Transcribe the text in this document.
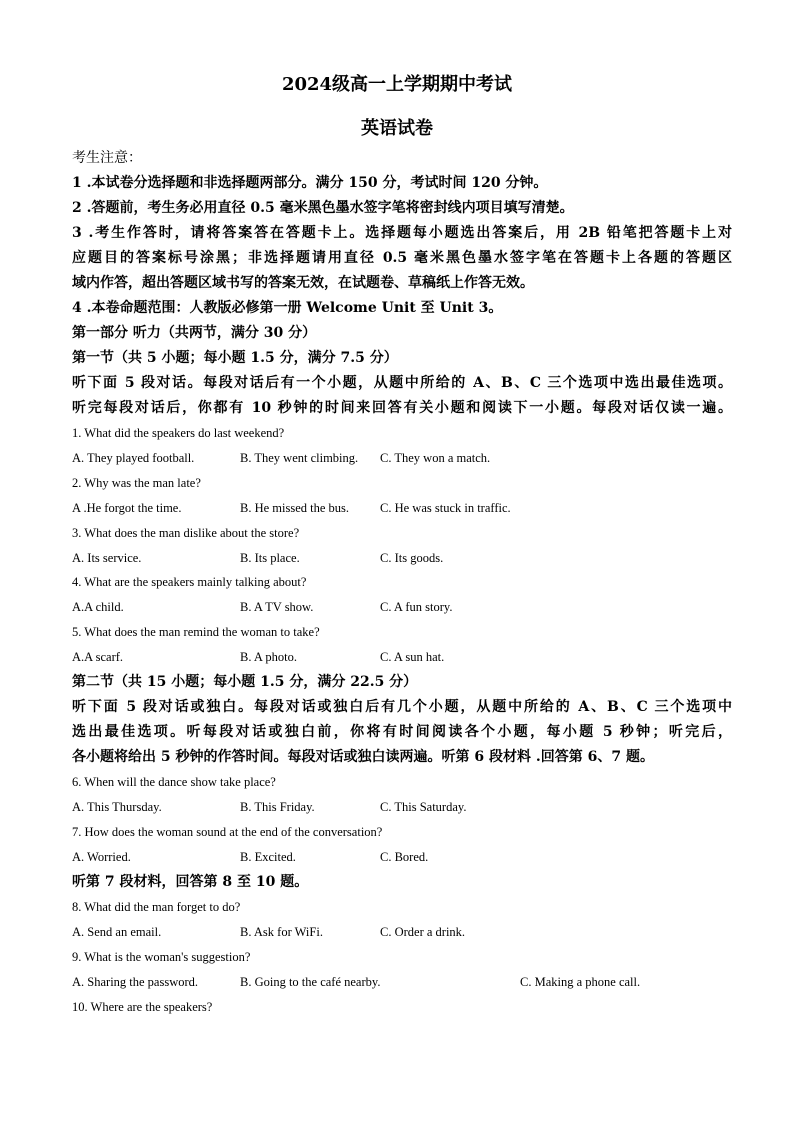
2024级高一上学期期中考试
英语试卷
考生注意：
1 .本试卷分选择题和非选择题两部分。满分 150 分，考试时间 120 分钟。
2 .答题前，考生务必用直径 0.5 毫米黑色墨水签字笔将密封线内项目填写清楚。
3 .考生作答时，请将答案答在答题卡上。选择题每小题选出答案后，用 2B 铅笔把答题卡上对
应题目的答案标号涂黑；非选择题请用直径 0.5 毫米黑色墨水签字笔在答题卡上各题的答题区
域内作答，超出答题区域书写的答案无效，在试题卷、草稿纸上作答无效。
4 .本卷命题范围：人教版必修第一册 Welcome Unit 至 Unit 3。
第一部分 听力（共两节，满分 30 分）
第一节（共 5 小题；每小题 1.5 分，满分 7.5 分）
听下面 5 段对话。每段对话后有一个小题，从题中所给的 A、B、C 三个选项中选出最佳选项。
听完每段对话后，你都有 10 秒钟的时间来回答有关小题和阅读下一小题。每段对话仅读一遍。
1. What did the speakers do last weekend?
A. They played football.	B. They went climbing. C. They won a match.
2. Why was the man late?
A .He forgot the time.	B. He missed the bus. C. He was stuck in traffic.
3. What does the man dislike about the store?
A. Its service.	B. Its place.	C. Its goods.
4. What are the speakers mainly talking about?
A.A child.	B. A TV show.	C. A fun story.
5. What does the man remind the woman to take?
A.A scarf.	B. A photo.	C. A sun hat.
第二节（共 15 小题；每小题 1.5 分，满分 22.5 分）
听下面 5 段对话或独白。每段对话或独白后有几个小题，从题中所给的 A、B、C 三个选项中
选出最佳选项。听每段对话或独白前，你将有时间阅读各个小题，每小题 5 秒钟；听完后，
各小题将给出 5 秒钟的作答时间。每段对话或独白读两遍。听第 6 段材料 .回答第 6、7 题。
6. When will the dance show take place?
A. This Thursday.	B. This Friday.	C. This Saturday.
7. How does the woman sound at the end of the conversation?
A. Worried.	B. Excited.	C. Bored.
听第 7 段材料，回答第 8 至 10 题。
8. What did the man forget to do?
A. Send an email.	B. Ask for WiFi.	C. Order a drink.
9. What is the woman's suggestion?
A. Sharing the password.	B. Going to the café nearby.	C. Making a phone call.
10. Where are the speakers?
